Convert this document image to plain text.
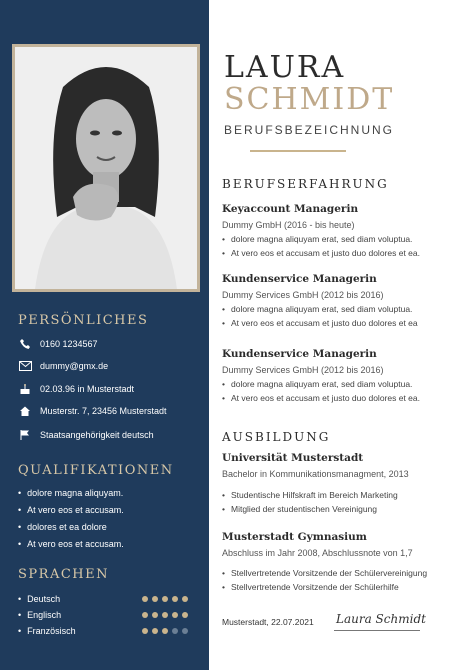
PERSÖNLICHES
0160 1234567
dummy@gmx.de
02.03.96 in Musterstadt
Musterstr. 7, 23456 Musterstadt
Staatsangehörigkeit deutsch
QUALIFIKATIONEN
• dolore magna aliquyam.
• At vero eos et accusam.
• dolores et ea dolore
• At vero eos et accusam.
SPRACHEN
• Deutsch
• Englisch
• Französisch
LAURA
SCHMIDT
BERUFSBEZEICHNUNG
BERUFSERFAHRUNG
Keyaccount Managerin
Dummy GmbH (2016 - bis heute)
• dolore magna aliquyam erat, sed diam voluptua.
• At vero eos et accusam et justo duo dolores et ea.
Kundenservice Managerin
Dummy Services GmbH (2012 bis 2016)
• dolore magna aliquyam erat, sed diam voluptua.
• At vero eos et accusam et justo duo dolores et ea
Kundenservice Managerin
Dummy Services GmbH (2012 bis 2016)
• dolore magna aliquyam erat, sed diam voluptua.
• At vero eos et accusam et justo duo dolores et ea.
AUSBILDUNG
Universität Musterstadt
Bachelor in Kommunikationsmanagment, 2013
• Studentische Hilfskraft im Bereich Marketing
• Mitglied der studentischen Vereinigung
Musterstadt Gymnasium
Abschluss im Jahr 2008, Abschlussnote von 1,7
• Stellvertretende Vorsitzende der Schülervereinigung
• Stellvertretende Vorsitzende der Schülerhilfe
Musterstadt, 22.07.2021 Laura Schmidt
